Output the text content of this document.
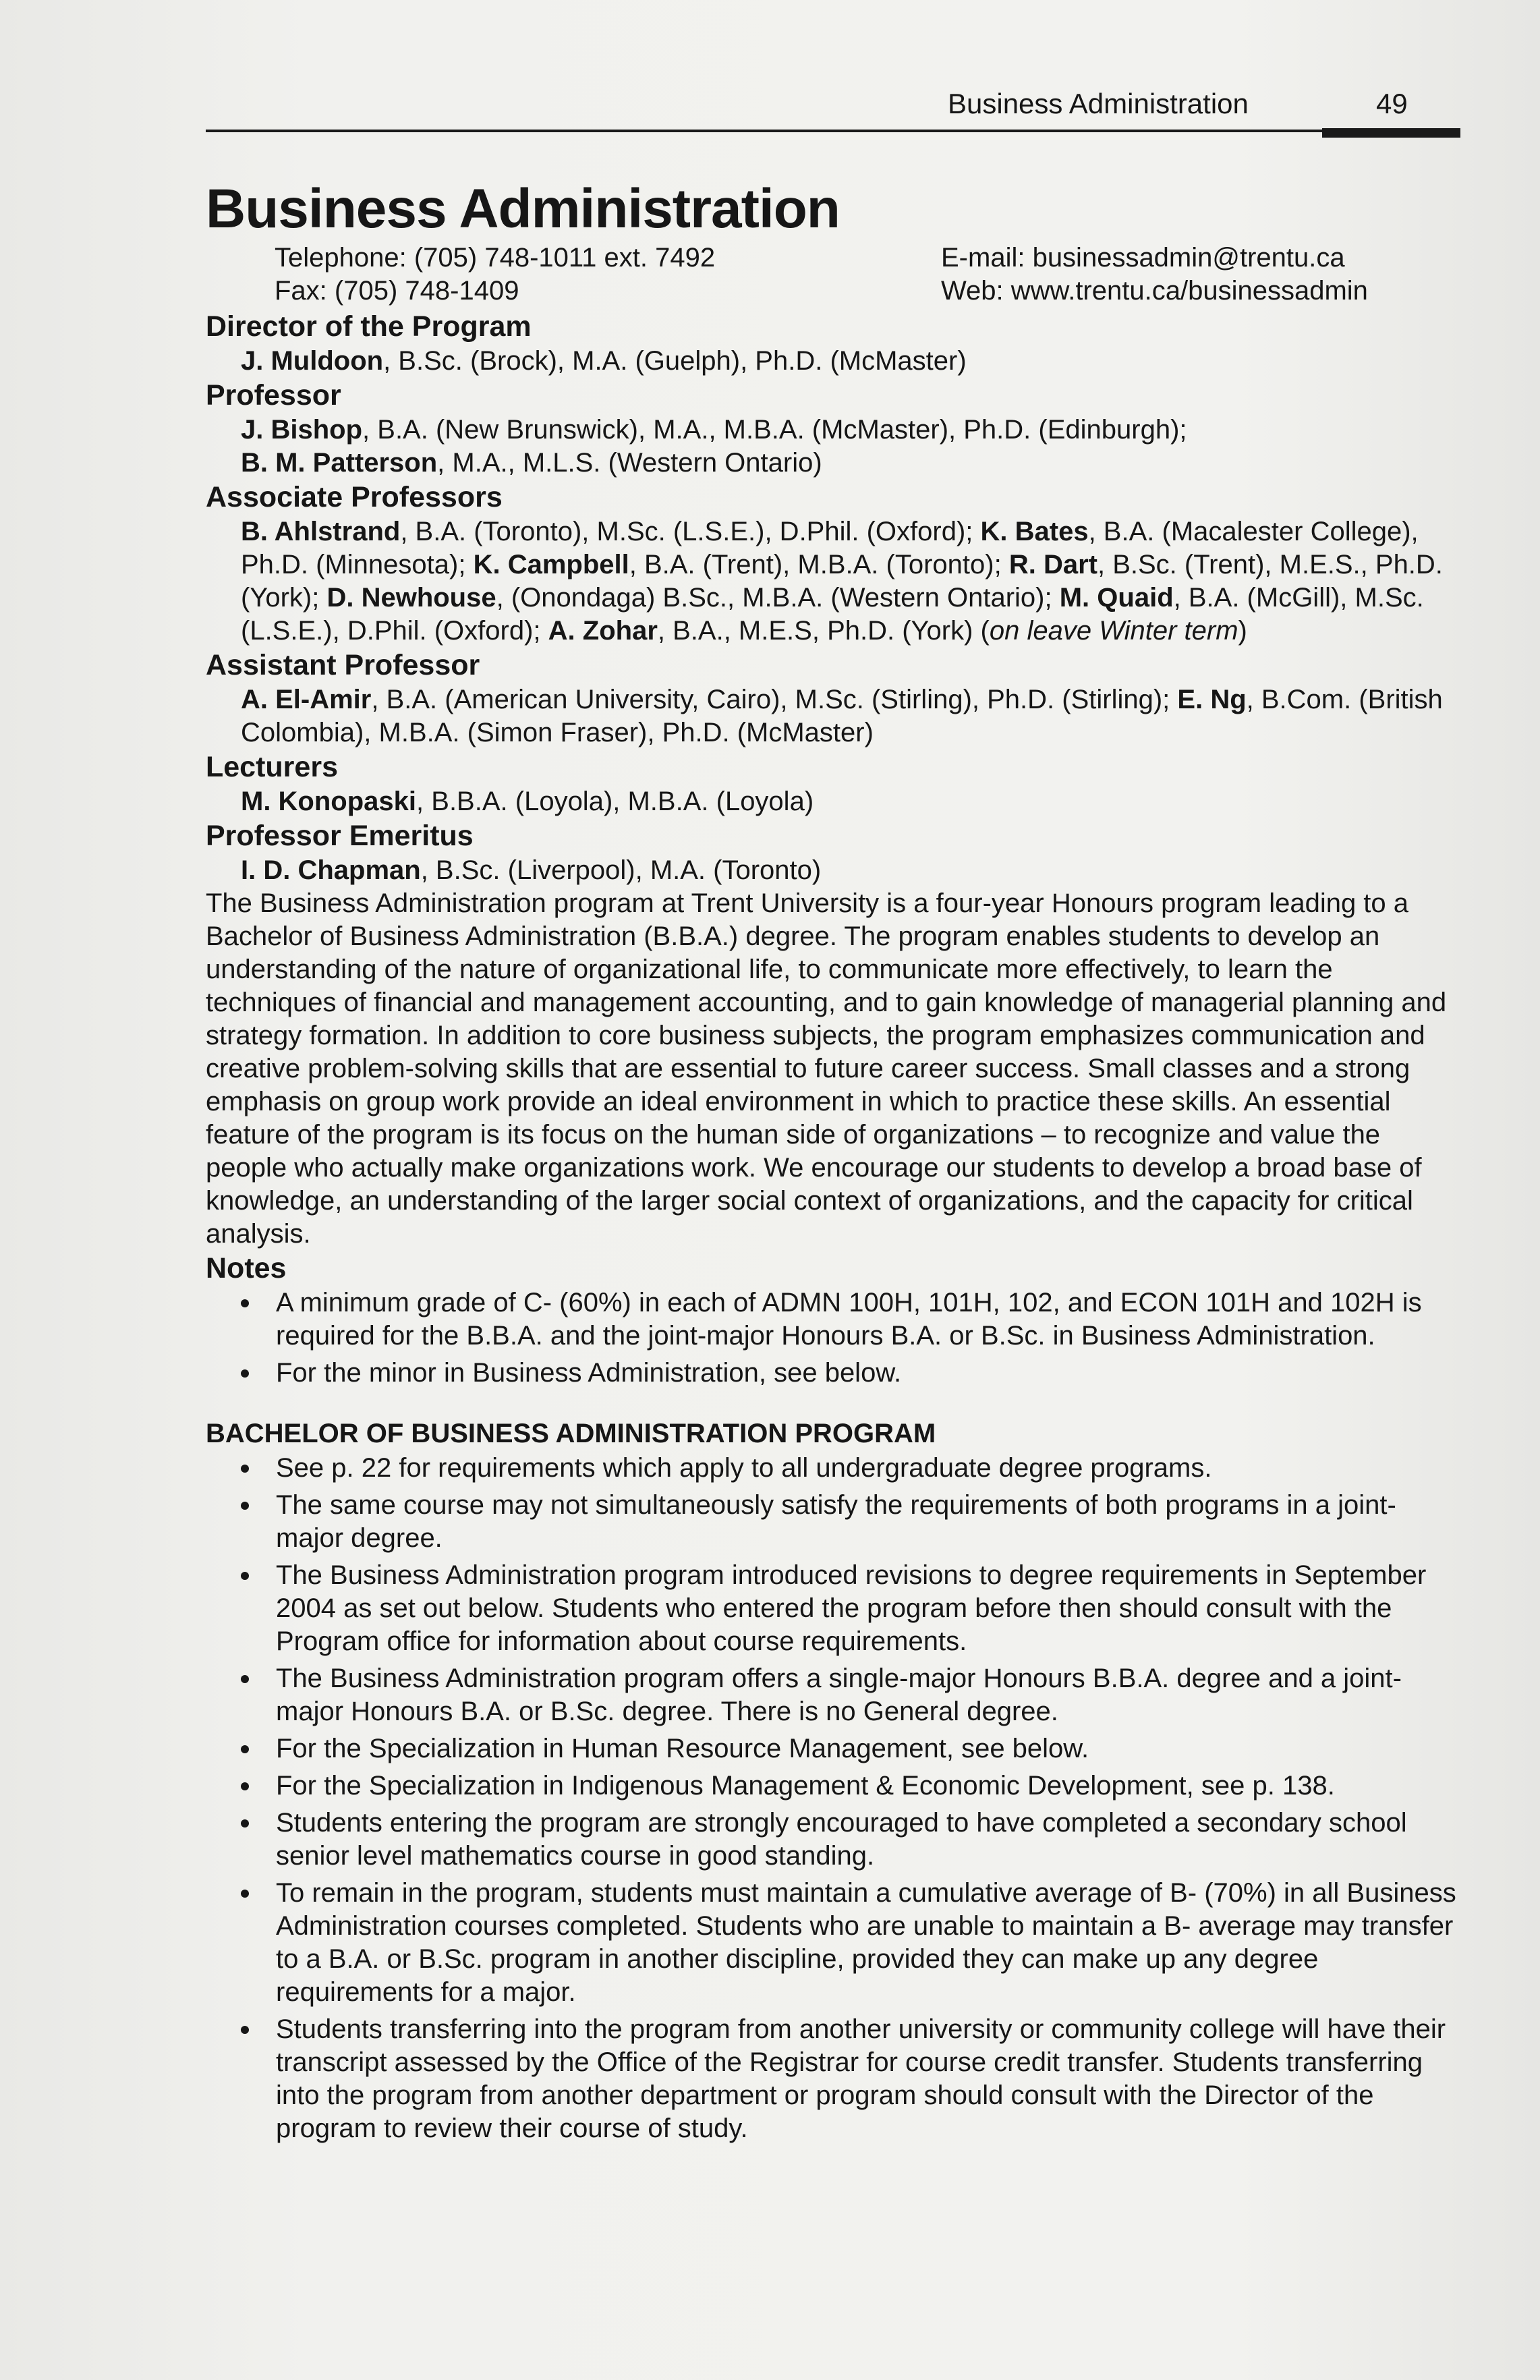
Business Administration	49
Business Administration
Telephone: (705) 748-1011 ext. 7492
Fax: (705) 748-1409
E-mail: businessadmin@trentu.ca
Web: www.trentu.ca/businessadmin
Director of the Program
J. Muldoon, B.Sc. (Brock), M.A. (Guelph), Ph.D. (McMaster)
Professor
J. Bishop, B.A. (New Brunswick), M.A., M.B.A. (McMaster), Ph.D. (Edinburgh);
B. M. Patterson, M.A., M.L.S. (Western Ontario)
Associate Professors
B. Ahlstrand, B.A. (Toronto), M.Sc. (L.S.E.), D.Phil. (Oxford); K. Bates, B.A. (Macalester College), Ph.D. (Minnesota); K. Campbell, B.A. (Trent), M.B.A. (Toronto); R. Dart, B.Sc. (Trent), M.E.S., Ph.D. (York); D. Newhouse, (Onondaga) B.Sc., M.B.A. (Western Ontario); M. Quaid, B.A. (McGill), M.Sc. (L.S.E.), D.Phil. (Oxford); A. Zohar, B.A., M.E.S, Ph.D. (York) (on leave Winter term)
Assistant Professor
A. El-Amir, B.A. (American University, Cairo), M.Sc. (Stirling), Ph.D. (Stirling); E. Ng, B.Com. (British Colombia), M.B.A. (Simon Fraser), Ph.D. (McMaster)
Lecturers
M. Konopaski, B.B.A. (Loyola), M.B.A. (Loyola)
Professor Emeritus
I. D. Chapman, B.Sc. (Liverpool), M.A. (Toronto)

The Business Administration program at Trent University is a four-year Honours program leading to a Bachelor of Business Administration (B.B.A.) degree. The program enables students to develop an understanding of the nature of organizational life, to communicate more effectively, to learn the techniques of financial and management accounting, and to gain knowledge of managerial planning and strategy formation. In addition to core business subjects, the program emphasizes communication and creative problem-solving skills that are essential to future career success. Small classes and a strong emphasis on group work provide an ideal environment in which to practice these skills. An essential feature of the program is its focus on the human side of organizations – to recognize and value the people who actually make organizations work. We encourage our students to develop a broad base of knowledge, an understanding of the larger social context of organizations, and the capacity for critical analysis.

Notes
A minimum grade of C- (60%) in each of ADMN 100H, 101H, 102, and ECON 101H and 102H is required for the B.B.A. and the joint-major Honours B.A. or B.Sc. in Business Administration.
For the minor in Business Administration, see below.
BACHELOR OF BUSINESS ADMINISTRATION PROGRAM
See p. 22 for requirements which apply to all undergraduate degree programs.
The same course may not simultaneously satisfy the requirements of both programs in a joint-major degree.
The Business Administration program introduced revisions to degree requirements in September 2004 as set out below. Students who entered the program before then should consult with the Program office for information about course requirements.
The Business Administration program offers a single-major Honours B.B.A. degree and a joint-major Honours B.A. or B.Sc. degree. There is no General degree.
For the Specialization in Human Resource Management, see below.
For the Specialization in Indigenous Management & Economic Development, see p. 138.
Students entering the program are strongly encouraged to have completed a secondary school senior level mathematics course in good standing.
To remain in the program, students must maintain a cumulative average of B- (70%) in all Business Administration courses completed. Students who are unable to maintain a B- average may transfer to a B.A. or B.Sc. program in another discipline, provided they can make up any degree requirements for a major.
Students transferring into the program from another university or community college will have their transcript assessed by the Office of the Registrar for course credit transfer. Students transferring into the program from another department or program should consult with the Director of the program to review their course of study.
